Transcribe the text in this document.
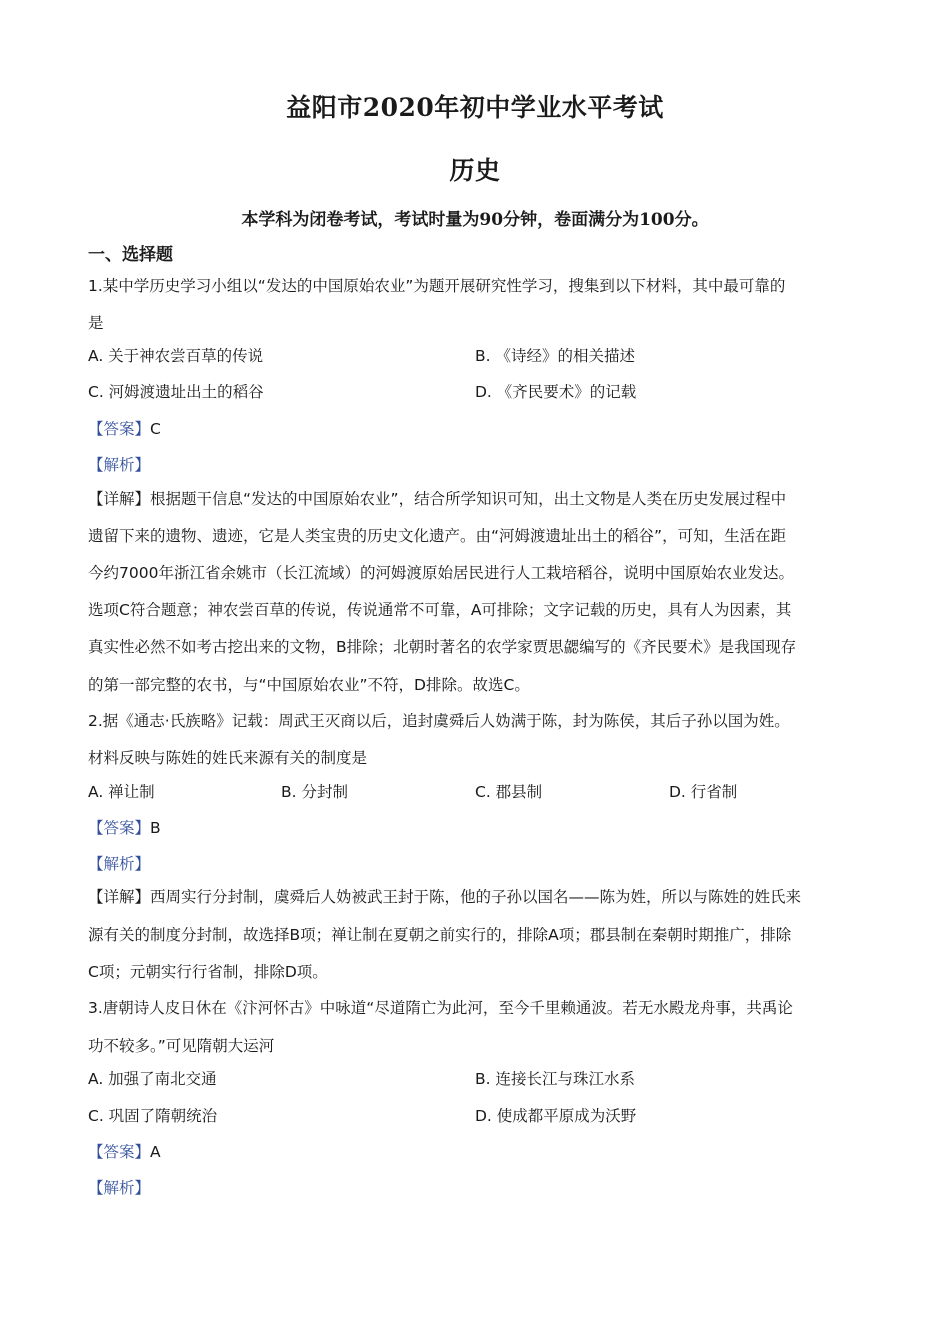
益阳市2020年初中学业水平考试
历史
本学科为闭卷考试，考试时量为90分钟，卷面满分为100分。
一、选择题
1.某中学历史学习小组以“发达的中国原始农业”为题开展研究性学习，搜集到以下材料，其中最可靠的
是
A. 关于神农尝百草的传说	B. 《诗经》的相关描述
C. 河姆渡遗址出土的稻谷	D. 《齐民要术》的记载
【答案】C
【解析】
【详解】根据题干信息“发达的中国原始农业”，结合所学知识可知，出土文物是人类在历史发展过程中
遗留下来的遗物、遗迹，它是人类宝贵的历史文化遗产。由“河姆渡遗址出土的稻谷”，可知，生活在距
今约7000年浙江省余姚市（长江流域）的河姆渡原始居民进行人工栽培稻谷，说明中国原始农业发达。
选项C符合题意；神农尝百草的传说，传说通常不可靠，A可排除；文字记载的历史，具有人为因素，其
真实性必然不如考古挖出来的文物，B排除；北朝时著名的农学家贾思勰编写的《齐民要术》是我国现存
的第一部完整的农书，与“中国原始农业”不符，D排除。故选C。
2.据《通志·氏族略》记载：周武王灭商以后，追封虞舜后人妫满于陈，封为陈侯，其后子孙以国为姓。
材料反映与陈姓的姓氏来源有关的制度是
A. 禅让制	B. 分封制	C. 郡县制	D. 行省制
【答案】B
【解析】
【详解】西周实行分封制，虞舜后人妫被武王封于陈，他的子孙以国名——陈为姓，所以与陈姓的姓氏来
源有关的制度分封制，故选择B项；禅让制在夏朝之前实行的，排除A项；郡县制在秦朝时期推广，排除
C项；元朝实行行省制，排除D项。
3.唐朝诗人皮日休在《汴河怀古》中咏道“尽道隋亡为此河，至今千里赖通波。若无水殿龙舟事，共禹论
功不较多。”可见隋朝大运河
A. 加强了南北交通	B. 连接长江与珠江水系
C. 巩固了隋朝统治	D. 使成都平原成为沃野
【答案】A
【解析】
